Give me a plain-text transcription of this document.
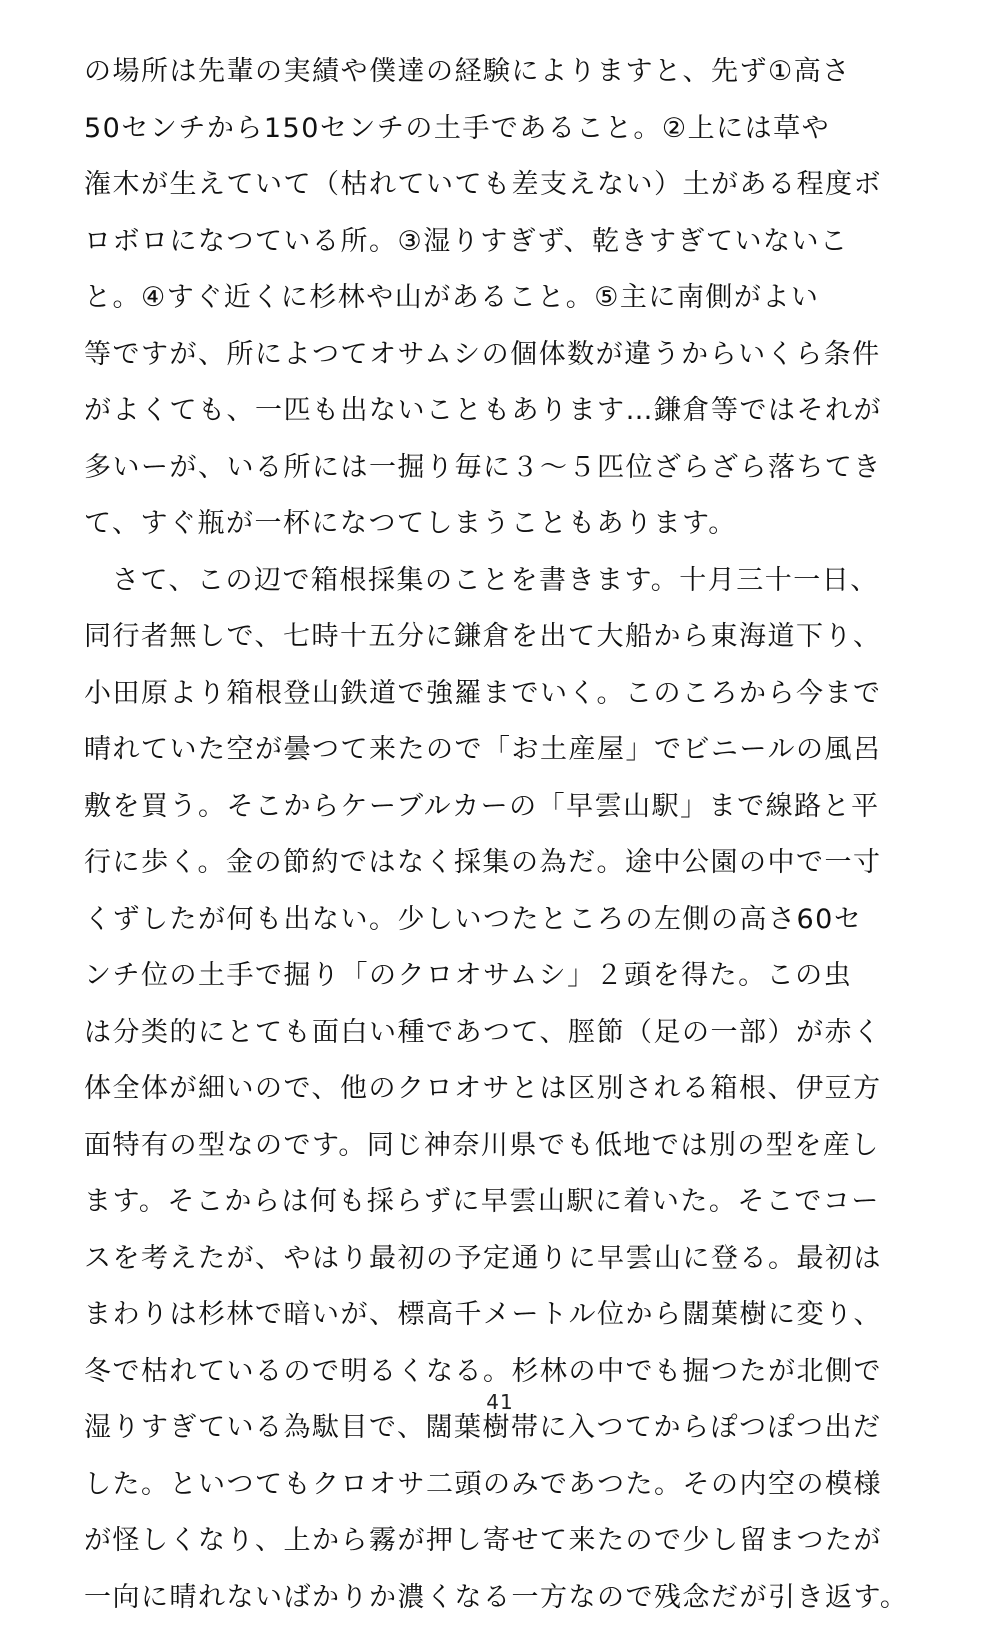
の場所は先輩の実績や僕達の経験によりますと、先ず①高さ
50センチから150センチの土手であること。②上には草や
潅木が生えていて（枯れていても差支えない）土がある程度ボ
ロボロになつている所。③湿りすぎず、乾きすぎていないこ
と。④すぐ近くに杉林や山があること。⑤主に南側がよい
等ですが、所によつてオサムシの個体数が違うからいくら条件
がよくても、一匹も出ないこともあります…鎌倉等ではそれが
多いーが、いる所には一掘り毎に３～５匹位ざらざら落ちてき
て、すぐ瓶が一杯になつてしまうこともあります。
さて、この辺で箱根採集のことを書きます。十月三十一日、
同行者無しで、七時十五分に鎌倉を出て大船から東海道下り、
小田原より箱根登山鉄道で強羅までいく。このころから今まで
晴れていた空が曇つて来たので「お土産屋」でビニールの風呂
敷を買う。そこからケーブルカーの「早雲山駅」まで線路と平
行に歩く。金の節約ではなく採集の為だ。途中公園の中で一寸
くずしたが何も出ない。少しいつたところの左側の高さ60セ
ンチ位の土手で掘り「のクロオサムシ」２頭を得た。この虫
は分类的にとても面白い種であつて、脛節（足の一部）が赤く
体全体が細いので、他のクロオサとは区別される箱根、伊豆方
面特有の型なのです。同じ神奈川県でも低地では別の型を産し
ます。そこからは何も採らずに早雲山駅に着いた。そこでコー
スを考えたが、やはり最初の予定通りに早雲山に登る。最初は
まわりは杉林で暗いが、標高千メートル位から闊葉樹に変り、
冬で枯れているので明るくなる。杉林の中でも掘つたが北側で
湿りすぎている為駄目で、闊葉樹帯に入つてからぽつぽつ出だ
した。といつてもクロオサ二頭のみであつた。その内空の模様
が怪しくなり、上から霧が押し寄せて来たので少し留まつたが
一向に晴れないばかりか濃くなる一方なので残念だが引き返す。
41
